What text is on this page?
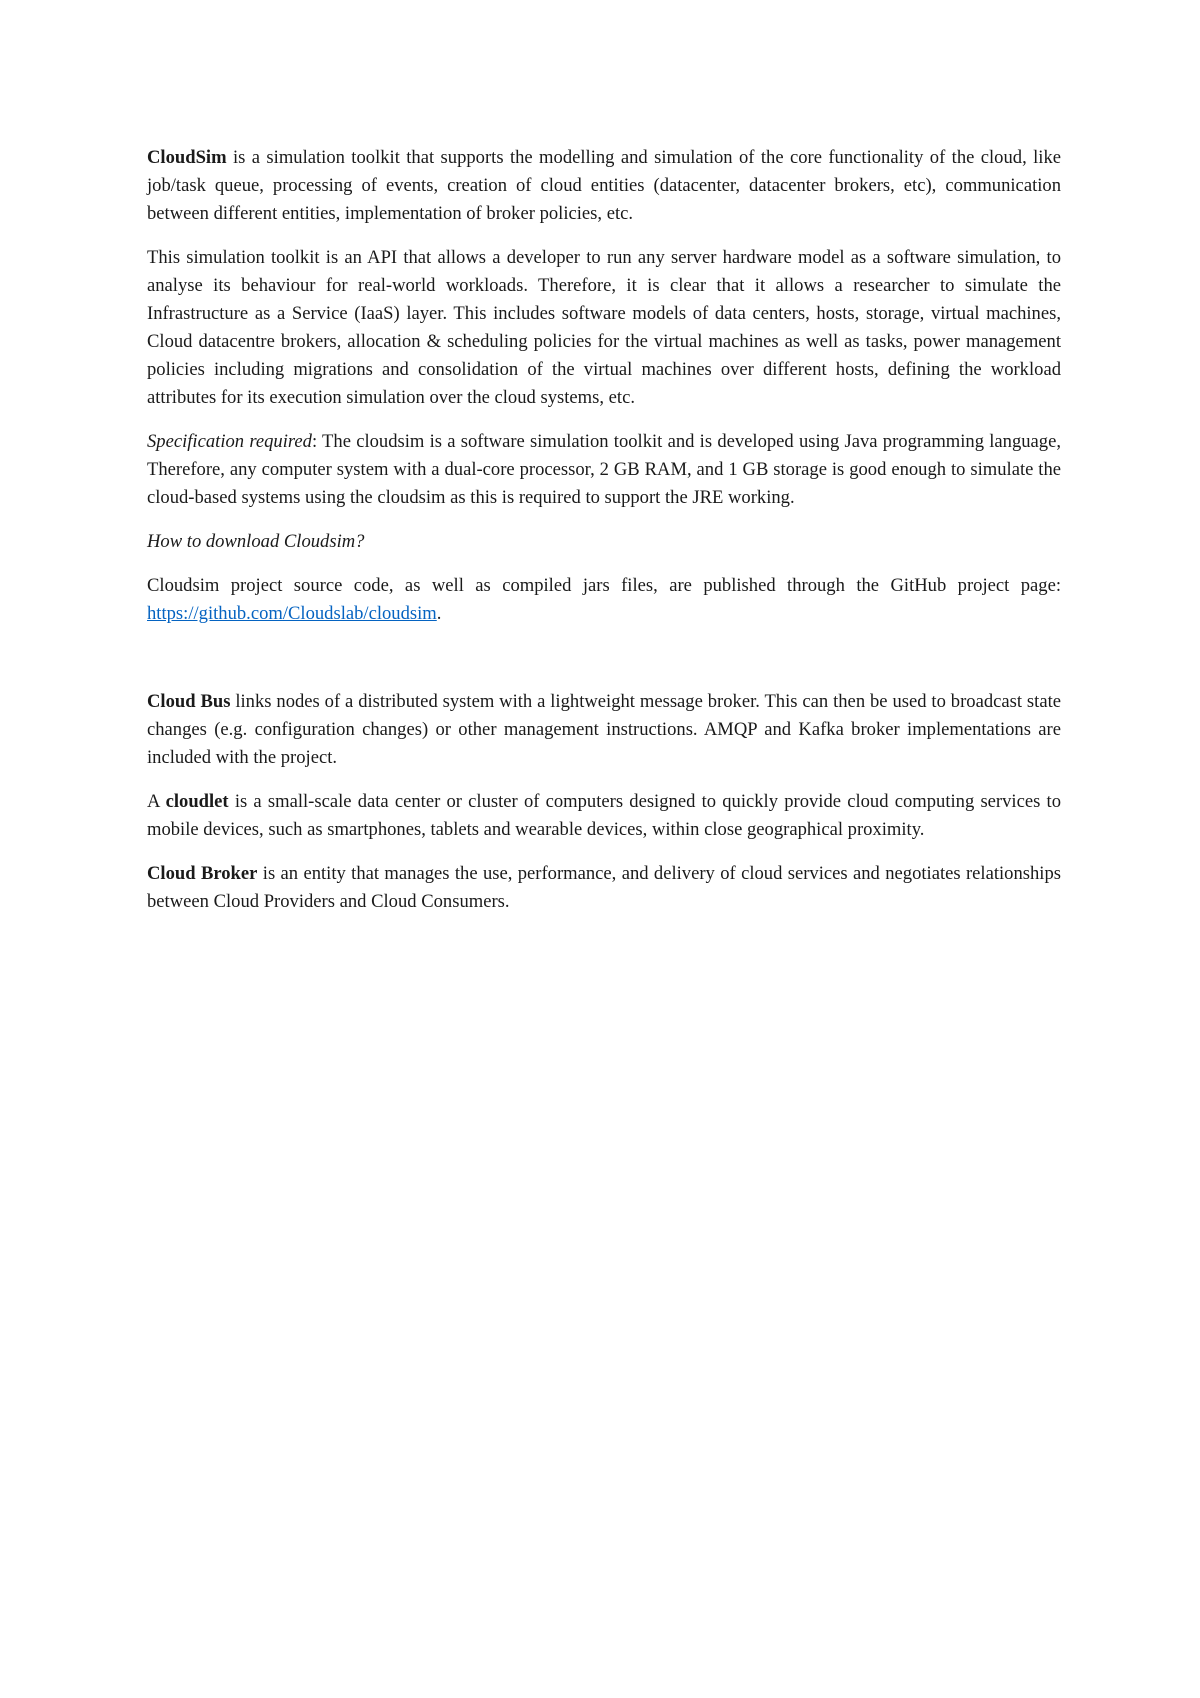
CloudSim is a simulation toolkit that supports the modelling and simulation of the core functionality of the cloud, like job/task queue, processing of events, creation of cloud entities (datacenter, datacenter brokers, etc), communication between different entities, implementation of broker policies, etc.

This simulation toolkit is an API that allows a developer to run any server hardware model as a software simulation, to analyse its behaviour for real-world workloads. Therefore, it is clear that it allows a researcher to simulate the Infrastructure as a Service (IaaS) layer. This includes software models of data centers, hosts, storage, virtual machines, Cloud datacentre brokers, allocation & scheduling policies for the virtual machines as well as tasks, power management policies including migrations and consolidation of the virtual machines over different hosts, defining the workload attributes for its execution simulation over the cloud systems, etc.

Specification required: The cloudsim is a software simulation toolkit and is developed using Java programming language, Therefore, any computer system with a dual-core processor, 2 GB RAM, and 1 GB storage is good enough to simulate the cloud-based systems using the cloudsim as this is required to support the JRE working.

How to download Cloudsim?

Cloudsim project source code, as well as compiled jars files, are published through the GitHub project page: https://github.com/Cloudslab/cloudsim.

Cloud Bus links nodes of a distributed system with a lightweight message broker. This can then be used to broadcast state changes (e.g. configuration changes) or other management instructions. AMQP and Kafka broker implementations are included with the project.

A cloudlet is a small-scale data center or cluster of computers designed to quickly provide cloud computing services to mobile devices, such as smartphones, tablets and wearable devices, within close geographical proximity.

Cloud Broker is an entity that manages the use, performance, and delivery of cloud services and negotiates relationships between Cloud Providers and Cloud Consumers.
